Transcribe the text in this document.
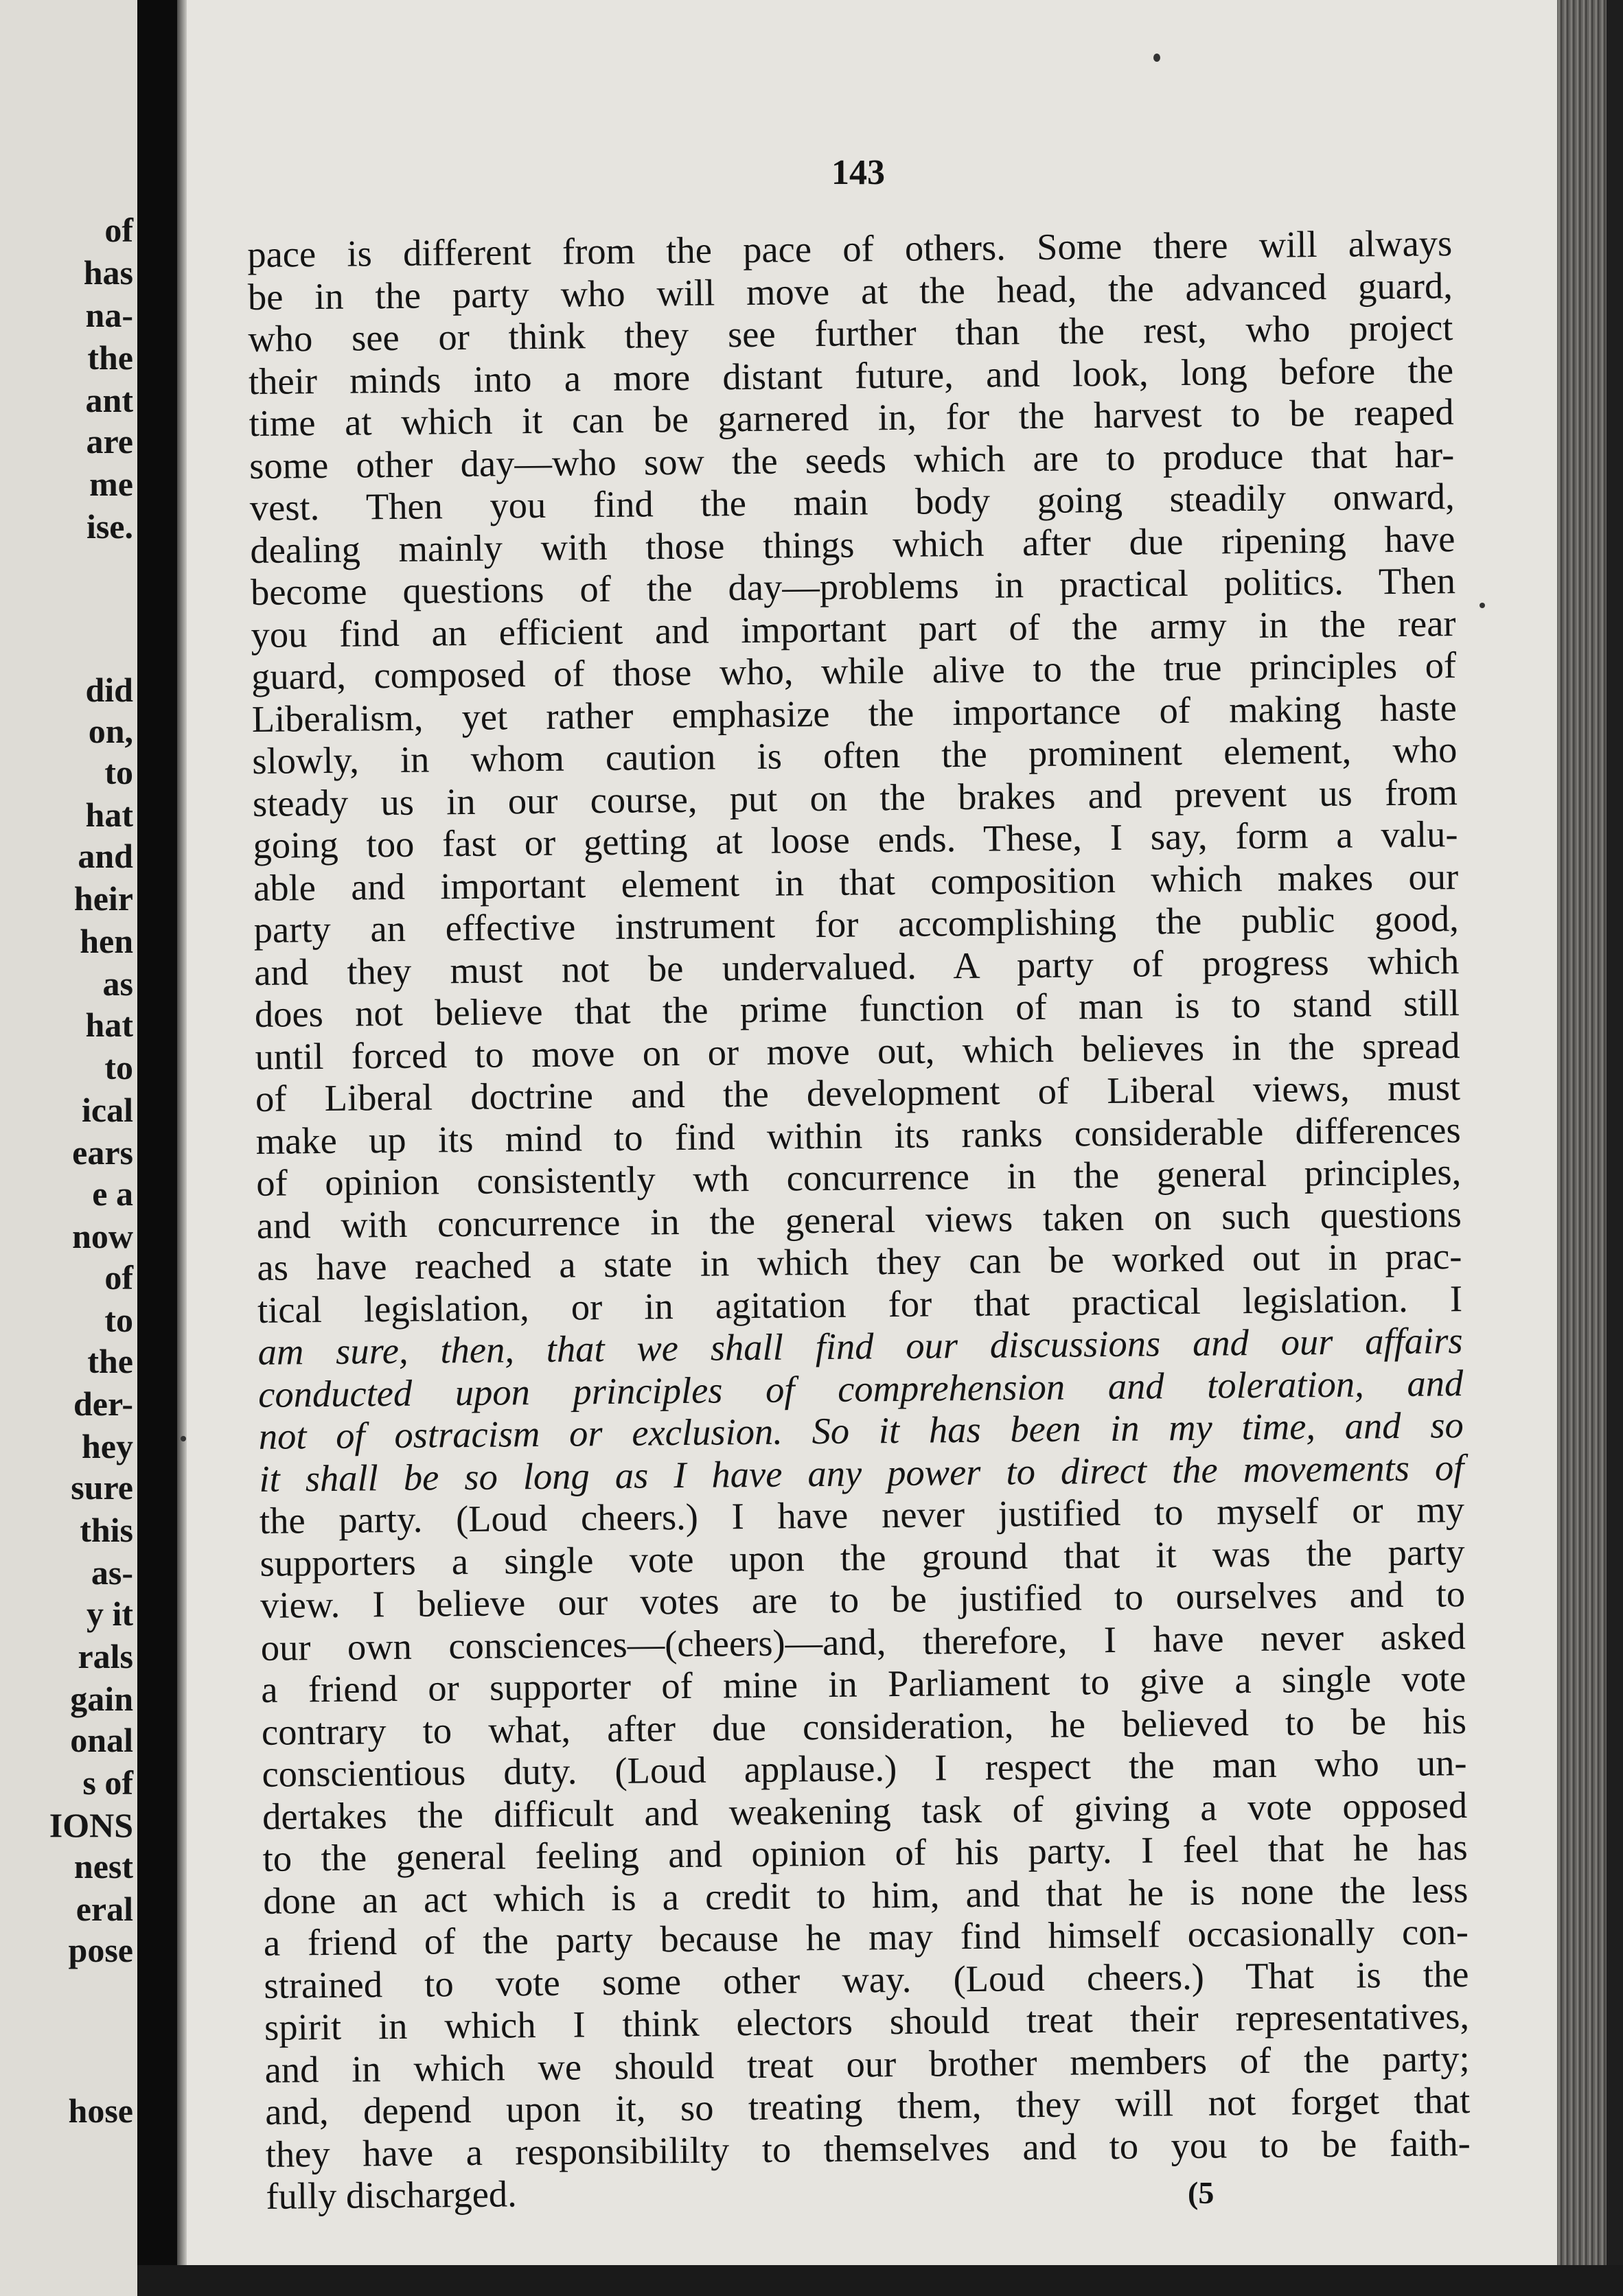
of
has
na-
the
ant
are
me
ise.
did
on,
to
hat
and
heir
hen
as
hat
to
ical
ears
e a
now
of
to
the
der-
hey
sure
this
as-
y it
rals
gain
onal
s of
IONS
nest
eral
pose
hose

143

pace is different from the pace of others. Some there will always
be in the party who will move at the head, the advanced guard,
who see or think they see further than the rest, who project
their minds into a more distant future, and look, long before the
time at which it can be garnered in, for the harvest to be reaped
some other day—who sow the seeds which are to produce that har-
vest. Then you find the main body going steadily onward,
dealing mainly with those things which after due ripening have
become questions of the day—problems in practical politics. Then
you find an efficient and important part of the army in the rear
guard, composed of those who, while alive to the true principles of
Liberalism, yet rather emphasize the importance of making haste
slowly, in whom caution is often the prominent element, who
steady us in our course, put on the brakes and prevent us from
going too fast or getting at loose ends. These, I say, form a valu-
able and important element in that composition which makes our
party an effective instrument for accomplishing the public good,
and they must not be undervalued. A party of progress which
does not believe that the prime function of man is to stand still
until forced to move on or move out, which believes in the spread
of Liberal doctrine and the development of Liberal views, must
make up its mind to find within its ranks considerable differences
of opinion consistently wth concurrence in the general principles,
and with concurrence in the general views taken on such questions
as have reached a state in which they can be worked out in prac-
tical legislation, or in agitation for that practical legislation. I
am sure, then, that we shall find our discussions and our affairs
conducted upon principles of comprehension and toleration, and
not of ostracism or exclusion. So it has been in my time, and so
it shall be so long as I have any power to direct the movements of
the party. (Loud cheers.) I have never justified to myself or my
supporters a single vote upon the ground that it was the party
view. I believe our votes are to be justified to ourselves and to
our own consciences—(cheers)—and, therefore, I have never asked
a friend or supporter of mine in Parliament to give a single vote
contrary to what, after due consideration, he believed to be his
conscientious duty. (Loud applause.) I respect the man who un-
dertakes the difficult and weakening task of giving a vote opposed
to the general feeling and opinion of his party. I feel that he has
done an act which is a credit to him, and that he is none the less
a friend of the party because he may find himself occasionally con-
strained to vote some other way. (Loud cheers.) That is the
spirit in which I think electors should treat their representatives,
and in which we should treat our brother members of the party;
and, depend upon it, so treating them, they will not forget that
they have a responsibililty to themselves and to you to be faith-
fully discharged.	(5
